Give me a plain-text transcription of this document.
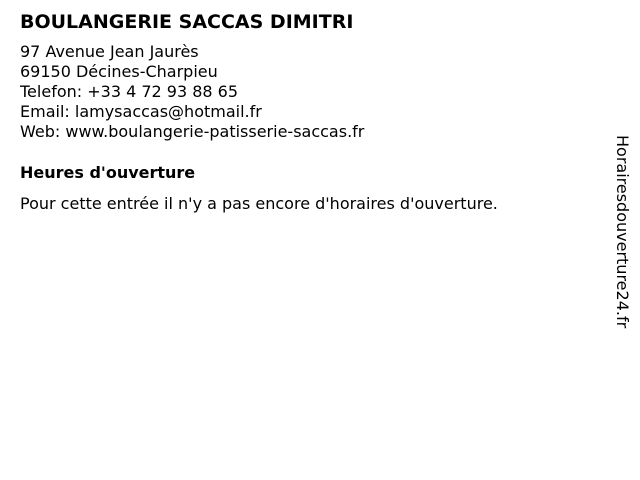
BOULANGERIE SACCAS DIMITRI
97 Avenue Jean Jaurès
69150 Décines-Charpieu
Telefon: +33 4 72 93 88 65
Email: lamysaccas@hotmail.fr
Web: www.boulangerie-patisserie-saccas.fr
Heures d'ouverture
Pour cette entrée il n'y a pas encore d'horaires d'ouverture.	Horairesdouverture24.fr
